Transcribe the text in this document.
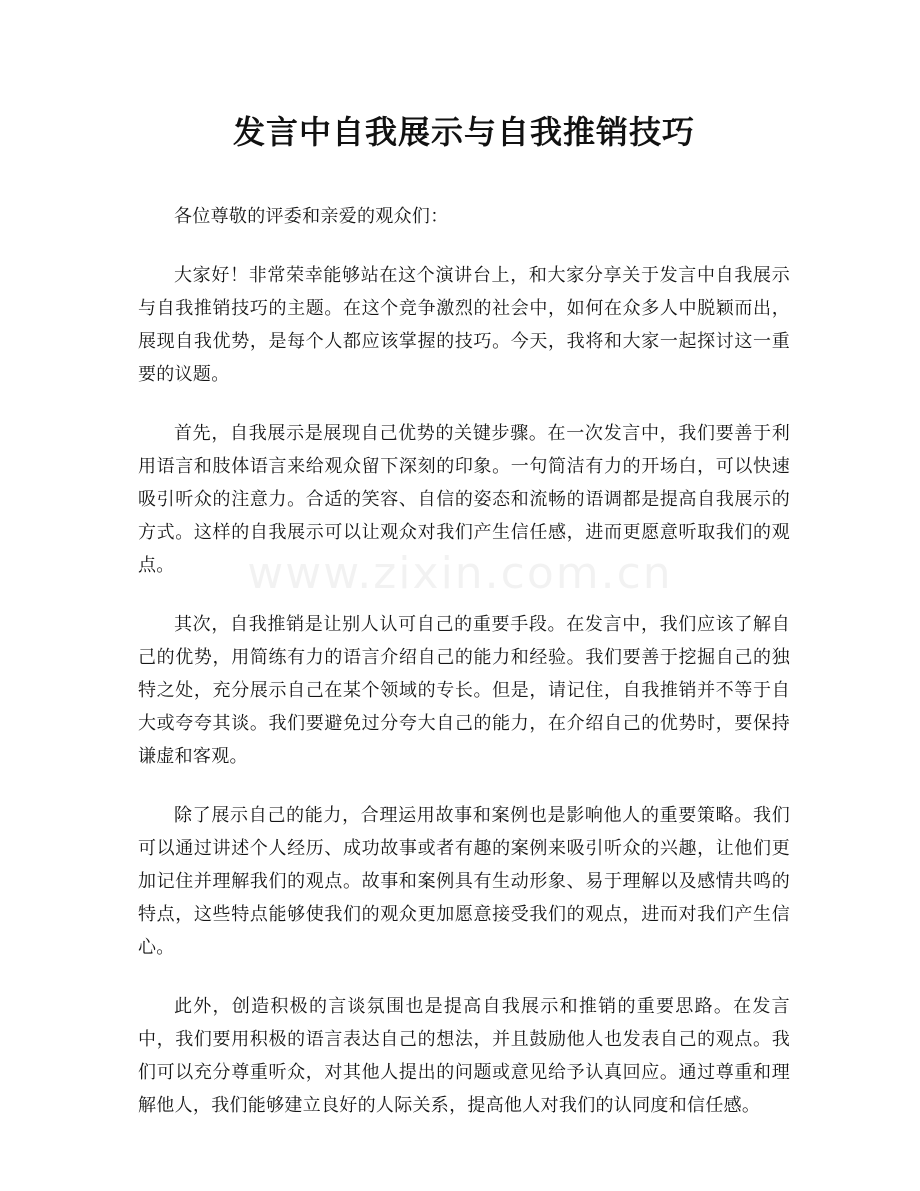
发言中自我展示与自我推销技巧

各位尊敬的评委和亲爱的观众们：

大家好！非常荣幸能够站在这个演讲台上，和大家分享关于发言中自我展示与自我推销技巧的主题。在这个竞争激烈的社会中，如何在众多人中脱颖而出，展现自我优势，是每个人都应该掌握的技巧。今天，我将和大家一起探讨这一重要的议题。

首先，自我展示是展现自己优势的关键步骤。在一次发言中，我们要善于利用语言和肢体语言来给观众留下深刻的印象。一句简洁有力的开场白，可以快速吸引听众的注意力。合适的笑容、自信的姿态和流畅的语调都是提高自我展示的方式。这样的自我展示可以让观众对我们产生信任感，进而更愿意听取我们的观点。

其次，自我推销是让别人认可自己的重要手段。在发言中，我们应该了解自己的优势，用简练有力的语言介绍自己的能力和经验。我们要善于挖掘自己的独特之处，充分展示自己在某个领域的专长。但是，请记住，自我推销并不等于自大或夸夸其谈。我们要避免过分夸大自己的能力，在介绍自己的优势时，要保持谦虚和客观。

除了展示自己的能力，合理运用故事和案例也是影响他人的重要策略。我们可以通过讲述个人经历、成功故事或者有趣的案例来吸引听众的兴趣，让他们更加记住并理解我们的观点。故事和案例具有生动形象、易于理解以及感情共鸣的特点，这些特点能够使我们的观众更加愿意接受我们的观点，进而对我们产生信心。

此外，创造积极的言谈氛围也是提高自我展示和推销的重要思路。在发言中，我们要用积极的语言表达自己的想法，并且鼓励他人也发表自己的观点。我们可以充分尊重听众，对其他人提出的问题或意见给予认真回应。通过尊重和理解他人，我们能够建立良好的人际关系，提高他人对我们的认同度和信任感。

www.zixin.com.cn
